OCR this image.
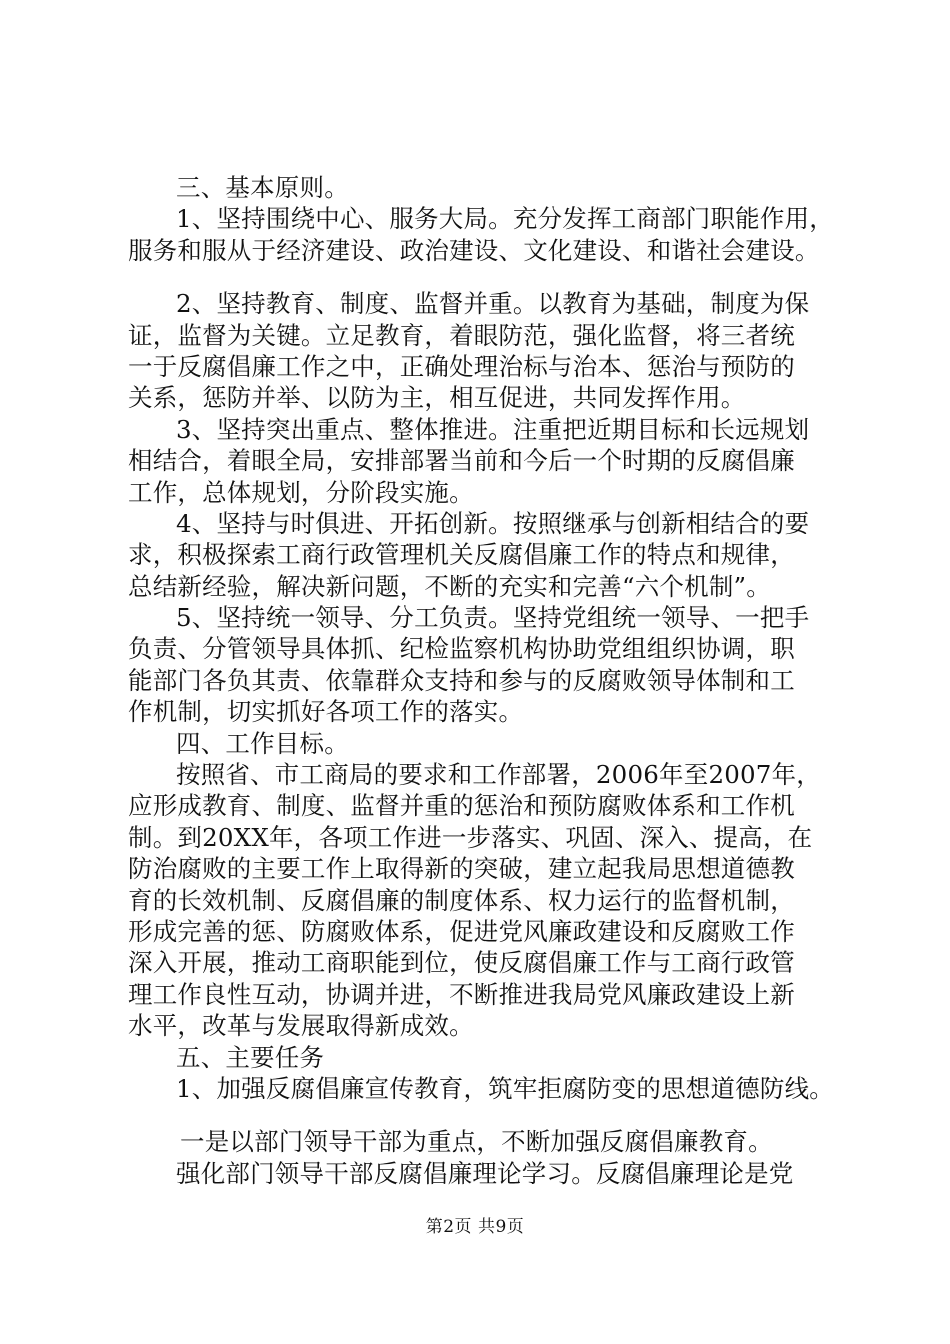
三、基本原则。
1、坚持围绕中心、服务大局。充分发挥工商部门职能作用，
服务和服从于经济建设、政治建设、文化建设、和谐社会建设。
2、坚持教育、制度、监督并重。以教育为基础，制度为保
证，监督为关键。立足教育，着眼防范，强化监督，将三者统
一于反腐倡廉工作之中，正确处理治标与治本、惩治与预防的
关系，惩防并举、以防为主，相互促进，共同发挥作用。
3、坚持突出重点、整体推进。注重把近期目标和长远规划
相结合，着眼全局，安排部署当前和今后一个时期的反腐倡廉
工作，总体规划，分阶段实施。
4、坚持与时俱进、开拓创新。按照继承与创新相结合的要
求，积极探索工商行政管理机关反腐倡廉工作的特点和规律，
总结新经验，解决新问题，不断的充实和完善“六个机制”。
5、坚持统一领导、分工负责。坚持党组统一领导、一把手
负责、分管领导具体抓、纪检监察机构协助党组组织协调，职
能部门各负其责、依靠群众支持和参与的反腐败领导体制和工
作机制，切实抓好各项工作的落实。
四、工作目标。
按照省、市工商局的要求和工作部署，2006年至2007年，
应形成教育、制度、监督并重的惩治和预防腐败体系和工作机
制。到20XX年，各项工作进一步落实、巩固、深入、提高，在
防治腐败的主要工作上取得新的突破，建立起我局思想道德教
育的长效机制、反腐倡廉的制度体系、权力运行的监督机制，
形成完善的惩、防腐败体系，促进党风廉政建设和反腐败工作
深入开展，推动工商职能到位，使反腐倡廉工作与工商行政管
理工作良性互动，协调并进，不断推进我局党风廉政建设上新
水平，改革与发展取得新成效。
五、主要任务
1、加强反腐倡廉宣传教育，筑牢拒腐防变的思想道德防线。
一是以部门领导干部为重点，不断加强反腐倡廉教育。
强化部门领导干部反腐倡廉理论学习。反腐倡廉理论是党
第2页 共9页
